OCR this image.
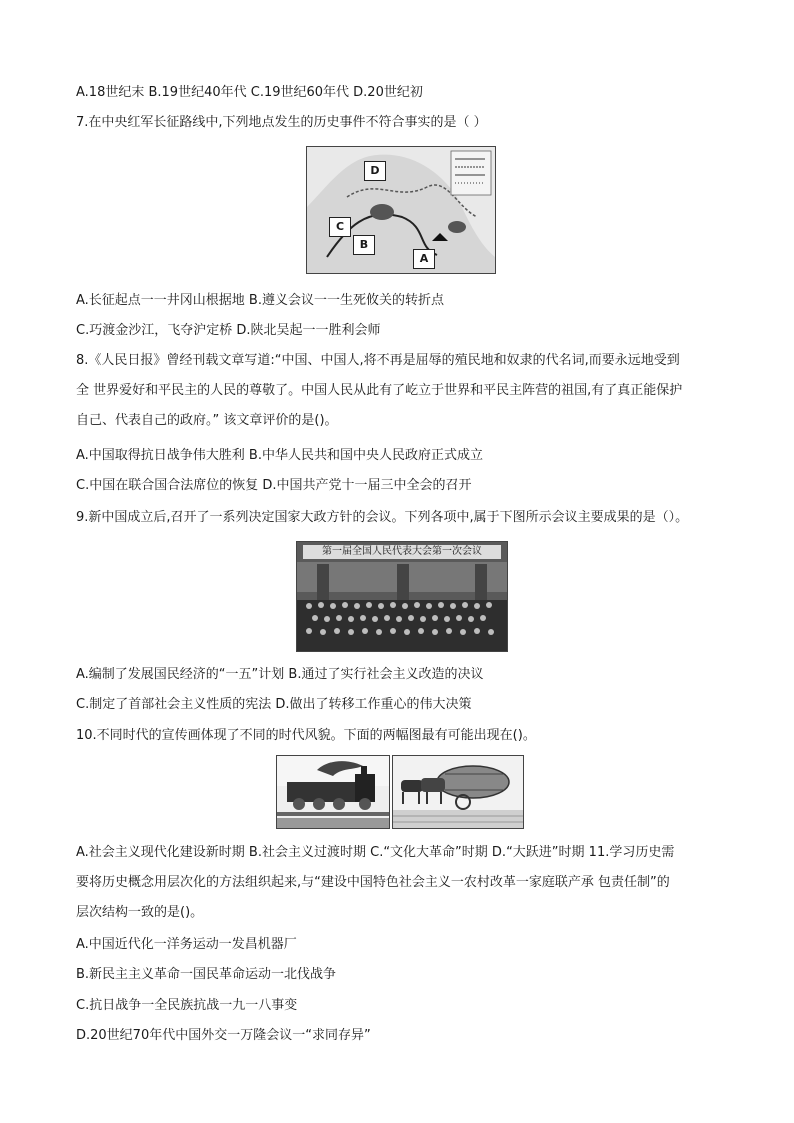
A.18世纪末 B.19世纪40年代 C.19世纪60年代 D.20世纪初
7.在中央红军长征路线中,下列地点发生的历史事件不符合事实的是（ ）
D
C
B
A
A.长征起点一一井冈山根据地 B.遵义会议一一生死攸关的转折点
C.巧渡金沙江，飞夺沪定桥 D.陕北吴起一一胜利会师
8.《人民日报》曾经刊载文章写道:“中国、中国人,将不再是屈辱的殖民地和奴隶的代名词,而要永远地受到
全 世界爱好和平民主的人民的尊敬了。中国人民从此有了屹立于世界和平民主阵营的祖国,有了真正能保护
自己、代表自己的政府。” 该文章评价的是()。
A.中国取得抗日战争伟大胜利 B.中华人民共和国中央人民政府正式成立
C.中国在联合国合法席位的恢复 D.中国共产党十一届三中全会的召开
9.新中国成立后,召开了一系列决定国家大政方针的会议。下列各项中,属于下图所示会议主要成果的是（）。
第一届全国人民代表大会第一次会议
A.编制了发展国民经济的“一五”计划 B.通过了实行社会主义改造的决议
C.制定了首部社会主义性质的宪法 D.做出了转移工作重心的伟大决策
10.不同时代的宣传画体现了不同的时代风貌。下面的两幅图最有可能出现在()。
A.社会主义现代化建设新时期 B.社会主义过渡时期 C.“文化大革命”时期 D.“大跃进”时期 11.学习历史需
要将历史概念用层次化的方法组织起来,与“建设中国特色社会主义一农村改革一家庭联产承 包责任制”的
层次结构一致的是()。
A.中国近代化一洋务运动一发昌机器厂
B.新民主主义革命一国民革命运动一北伐战争
C.抗日战争一全民族抗战一九一八事变
D.20世纪70年代中国外交一万隆会议一“求同存异”
